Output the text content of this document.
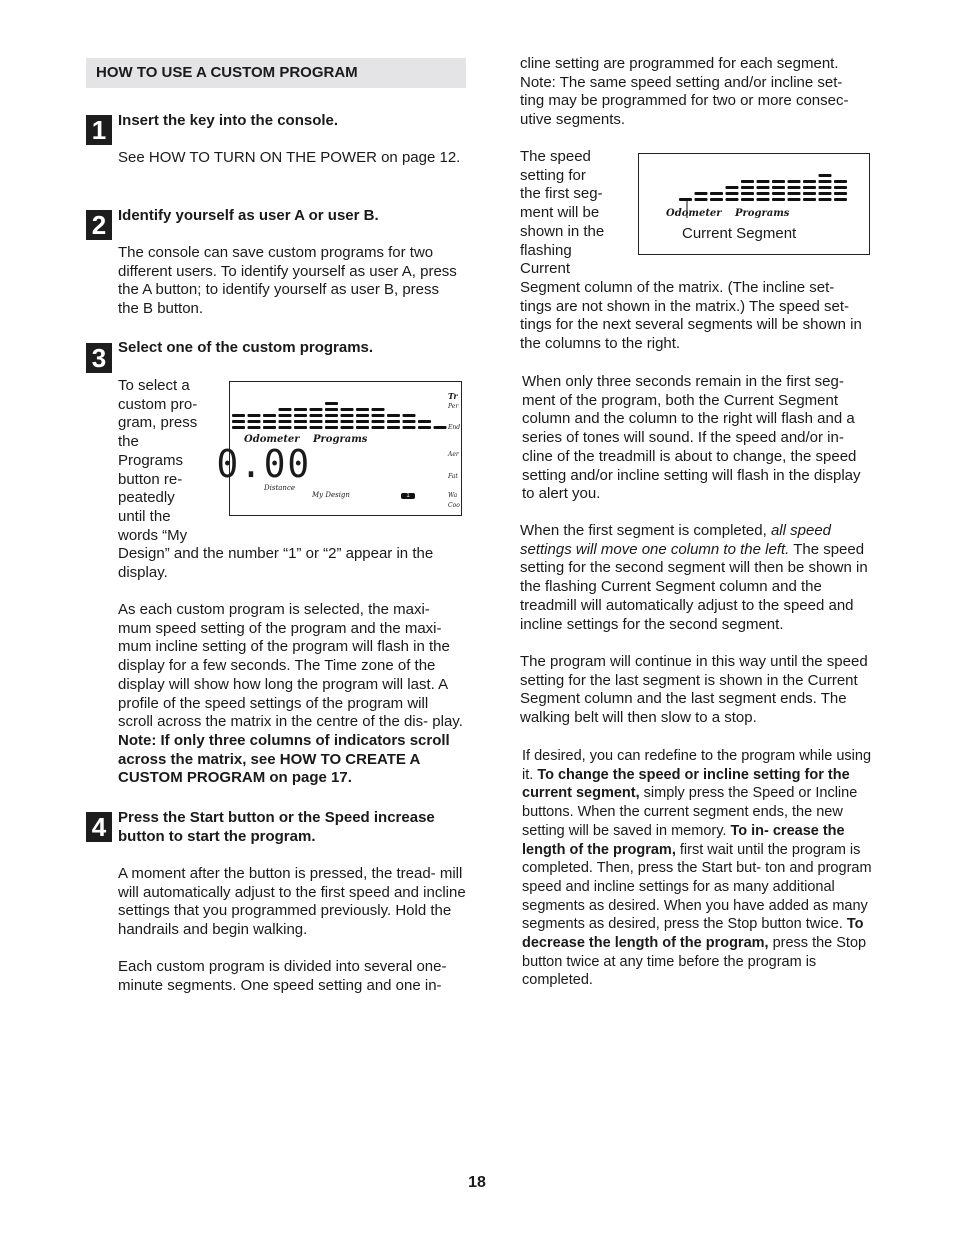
HOW TO USE A CUSTOM PROGRAM
1 Insert the key into the console.

See HOW TO TURN ON THE POWER on page 12.

2 Identify yourself as user A or user B.

The console can save custom programs for two different users. To identify yourself as user A, press the A button; to identify yourself as user B, press the B button.

3 Select one of the custom programs.
To select a
custom pro-
gram, press
the
Programs
button re-
peatedly
until the
words “My

Design” and the number “1” or “2” appear in the display.

Odometer Programs
0.00
Distance
My Design	1
Tr
Per
End
Aer
Fat
Wa
Coo

As each custom program is selected, the maxi- mum speed setting of the program and the maxi- mum incline setting of the program will flash in the display for a few seconds. The Time zone of the display will show how long the program will last. A profile of the speed settings of the program will scroll across the matrix in the centre of the dis- play. Note: If only three columns of indicators scroll across the matrix, see HOW TO CREATE A CUSTOM PROGRAM on page 17.

4 Press the Start button or the Speed increase button to start the program.

A moment after the button is pressed, the tread- mill will automatically adjust to the first speed and incline settings that you programmed previously. Hold the handrails and begin walking.

Each custom program is divided into several one- minute segments. One speed setting and one in-

cline setting are programmed for each segment. Note: The same speed setting and/or incline set- ting may be programmed for two or more consec- utive segments.

The speed
setting for
the first seg-
ment will be
shown in the
flashing
Current
Odometer Programs
Current Segment

Segment column of the matrix. (The incline set- tings are not shown in the matrix.) The speed set- tings for the next several segments will be shown in the columns to the right.

When only three seconds remain in the first seg- ment of the program, both the Current Segment column and the column to the right will flash and a series of tones will sound. If the speed and/or in- cline of the treadmill is about to change, the speed setting and/or incline setting will flash in the display to alert you.

When the first segment is completed, all speed settings will move one column to the left. The speed setting for the second segment will then be shown in the flashing Current Segment column and the treadmill will automatically adjust to the speed and incline settings for the second segment.

The program will continue in this way until the speed setting for the last segment is shown in the Current Segment column and the last segment ends. The walking belt will then slow to a stop.

If desired, you can redefine to the program while using it. To change the speed or incline setting for the current segment, simply press the Speed or Incline buttons. When the current segment ends, the new setting will be saved in memory. To in- crease the length of the program, first wait until the program is completed. Then, press the Start but- ton and program speed and incline settings for as many additional segments as desired. When you have added as many segments as desired, press the Stop button twice. To decrease the length of the program, press the Stop button twice at any time before the program is completed.

18
